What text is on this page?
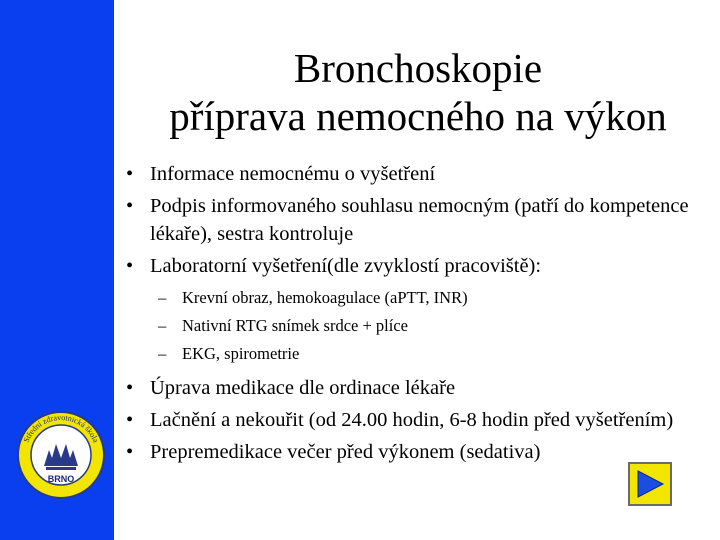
Střední zdravotnická škola
BRNO
Bronchoskopie
příprava nemocného na výkon
• Informace nemocnému o vyšetření
• Podpis informovaného souhlasu nemocným (patří do kompetence lékaře), sestra kontroluje
• Laboratorní vyšetření(dle zvyklostí pracoviště):
– Krevní obraz, hemokoagulace (aPTT, INR)
– Nativní RTG snímek srdce + plíce
– EKG, spirometrie
• Úprava medikace dle ordinace lékaře
• Lačnění a nekouřit (od 24.00 hodin, 6-8 hodin před vyšetřením)
• Prepremedikace večer před výkonem (sedativa)
